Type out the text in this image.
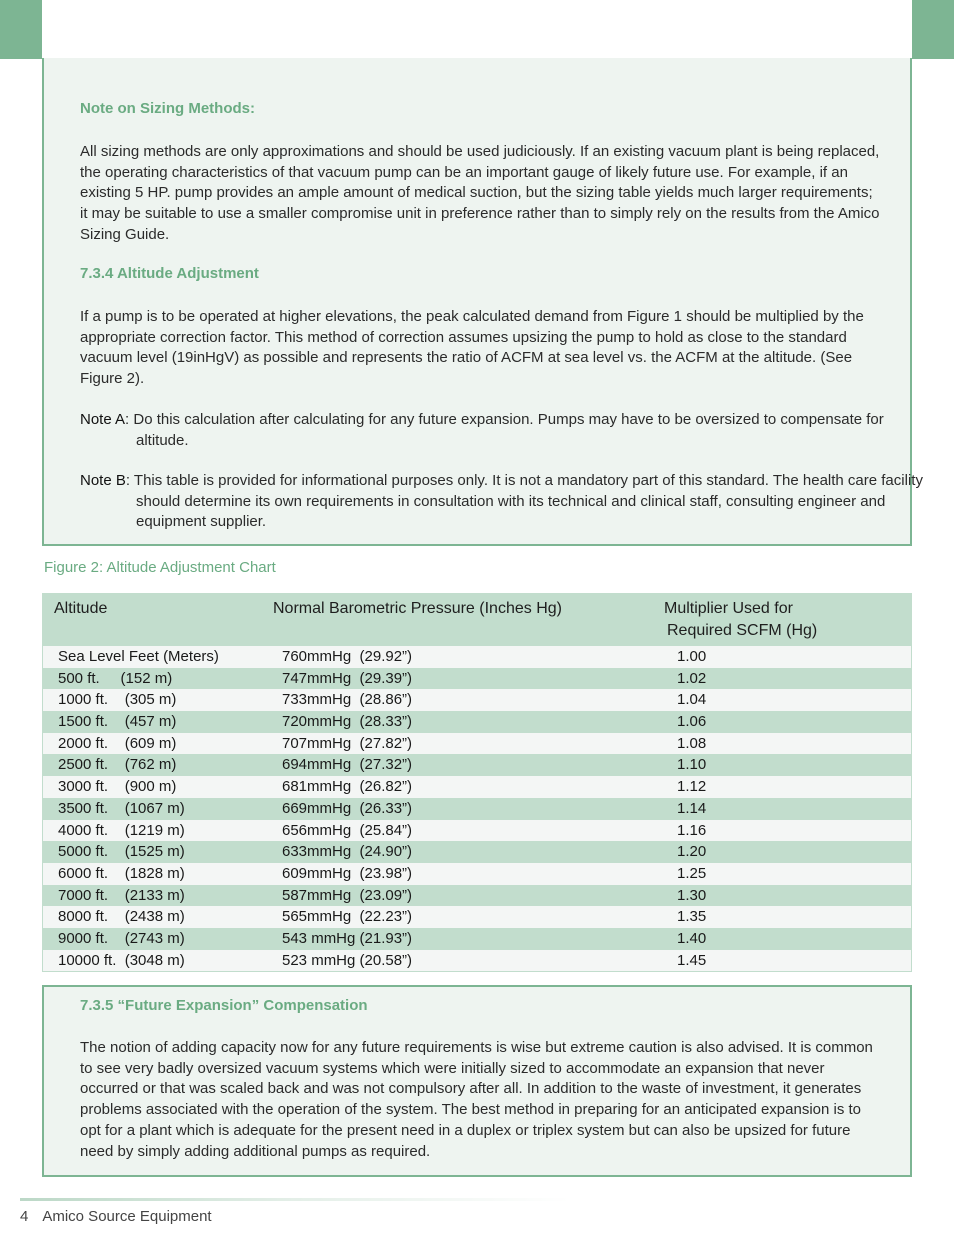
Note on Sizing Methods:

All sizing methods are only approximations and should be used judiciously. If an existing vacuum plant is being replaced, the operating characteristics of that vacuum pump can be an important gauge of likely future use. For example, if an existing 5 HP. pump provides an ample amount of medical suction, but the sizing table yields much larger requirements; it may be suitable to use a smaller compromise unit in preference rather than to simply rely on the results from the Amico Sizing Guide.

7.3.4 Altitude Adjustment

If a pump is to be operated at higher elevations, the peak calculated demand from Figure 1 should be multiplied by the appropriate correction factor. This method of correction assumes upsizing the pump to hold as close to the standard vacuum level (19inHgV) as possible and represents the ratio of ACFM at sea level vs. the ACFM at the altitude. (See Figure 2).

Note A: Do this calculation after calculating for any future expansion. Pumps may have to be oversized to compensate for altitude.

Note B: This table is provided for informational purposes only. It is not a mandatory part of this standard. The health care facility should determine its own requirements in consultation with its technical and clinical staff, consulting engineer and equipment supplier.

Figure 2: Altitude Adjustment Chart

Altitude	Normal Barometric Pressure (Inches Hg)	Multiplier Used for
Required SCFM (Hg)
Sea Level Feet (Meters)	760mmHg  (29.92”)	1.00
500 ft.     (152 m)	747mmHg  (29.39”)	1.02
1000 ft.    (305 m)	733mmHg  (28.86”)	1.04
1500 ft.    (457 m)	720mmHg  (28.33”)	1.06
2000 ft.    (609 m)	707mmHg  (27.82”)	1.08
2500 ft.    (762 m)	694mmHg  (27.32”)	1.10
3000 ft.    (900 m)	681mmHg  (26.82”)	1.12
3500 ft.    (1067 m)	669mmHg  (26.33”)	1.14
4000 ft.    (1219 m)	656mmHg  (25.84”)	1.16
5000 ft.    (1525 m)	633mmHg  (24.90”)	1.20
6000 ft.    (1828 m)	609mmHg  (23.98”)	1.25
7000 ft.    (2133 m)	587mmHg  (23.09”)	1.30
8000 ft.    (2438 m)	565mmHg  (22.23”)	1.35
9000 ft.    (2743 m)	543 mmHg (21.93”)	1.40
10000 ft.  (3048 m)	523 mmHg (20.58”)	1.45
7.3.5 “Future Expansion” Compensation

The notion of adding capacity now for any future requirements is wise but extreme caution is also advised. It is common to see very badly oversized vacuum systems which were initially sized to accommodate an expansion that never occurred or that was scaled back and was not compulsory after all. In addition to the waste of investment, it generates problems associated with the operation of the system. The best method in preparing for an anticipated expansion is to opt for a plant which is adequate for the present need in a duplex or triplex system but can also be upsized for future need by simply adding additional pumps as required.

4 Amico Source Equipment
